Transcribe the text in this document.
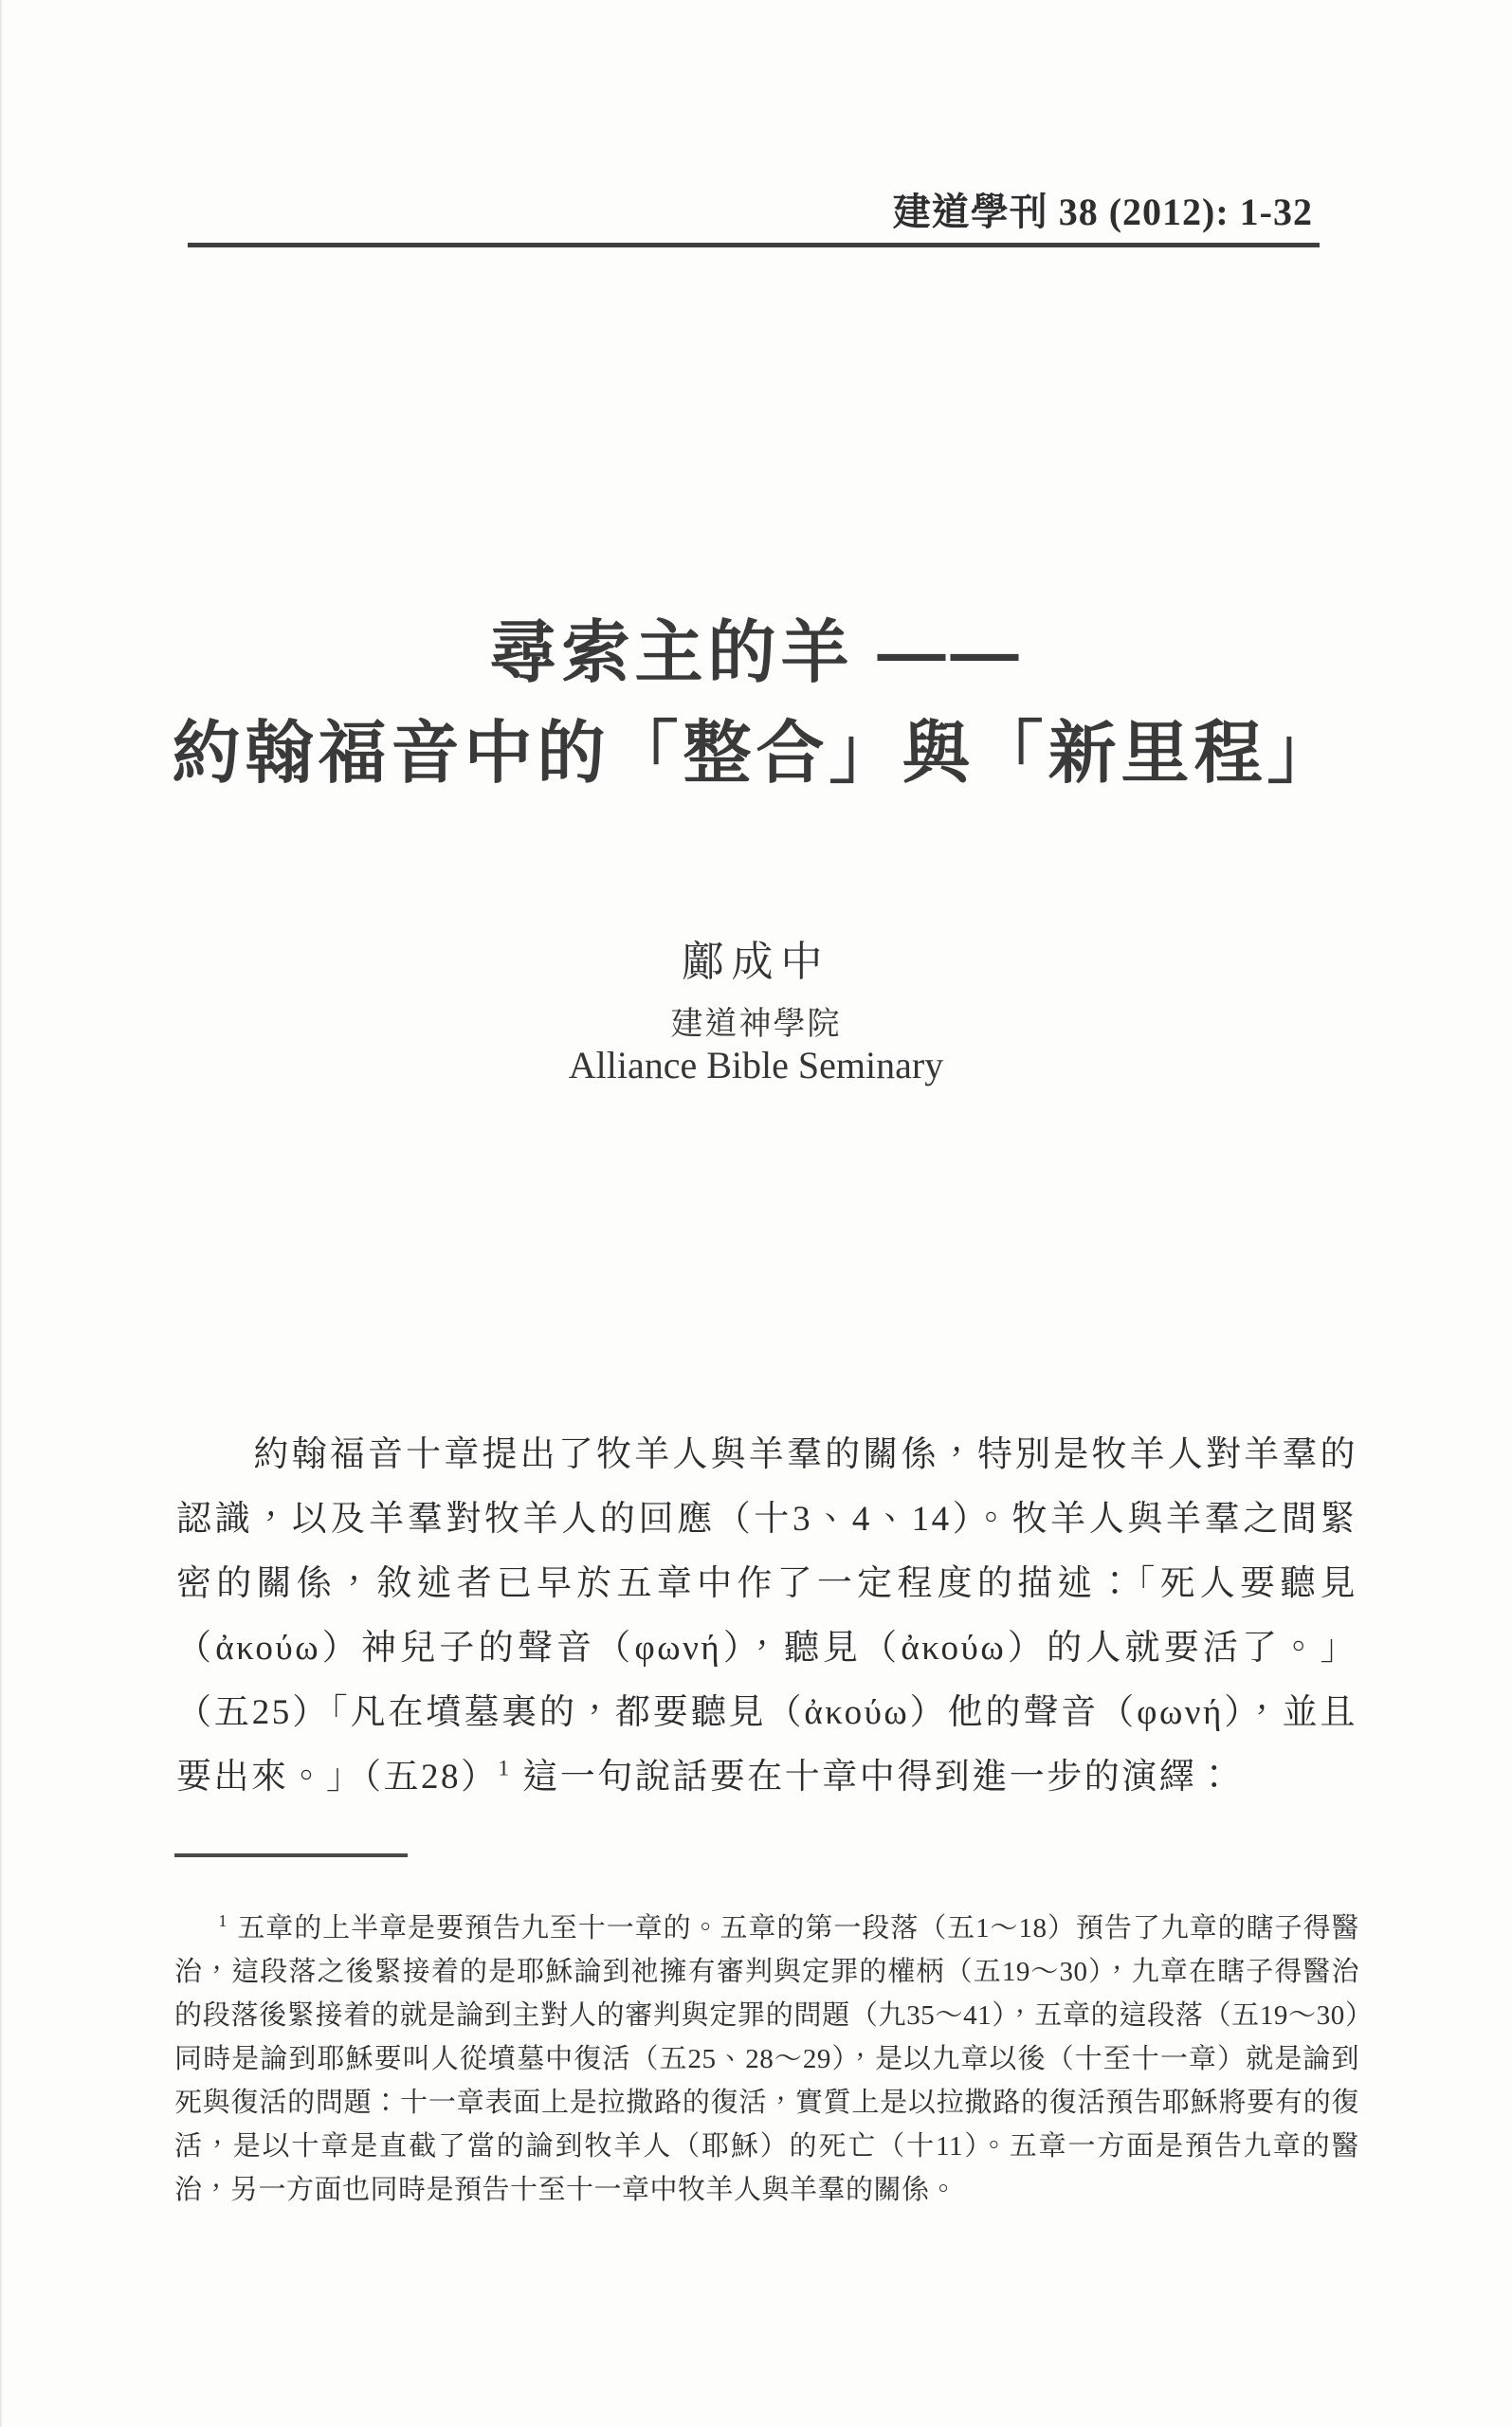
建道學刊 38 (2012): 1-32
尋索主的羊 ——
約翰福音中的「整合」與「新里程」
鄺成中
建道神學院
Alliance Bible Seminary

約翰福音十章提出了牧羊人與羊羣的關係，特別是牧羊人對羊羣的認識，以及羊羣對牧羊人的回應（十3、4、14）。牧羊人與羊羣之間緊密的關係，敘述者已早於五章中作了一定程度的描述：「死人要聽見（ἀκούω）神兒子的聲音（φωνή），聽見（ἀκούω）的人就要活了。」（五25）「凡在墳墓裏的，都要聽見（ἀκούω）他的聲音（φωνή），並且要出來。」（五28）$^1$ 這一句說話要在十章中得到進一步的演繹：

$^1$ 五章的上半章是要預告九至十一章的。五章的第一段落（五1～18）預告了九章的瞎子得醫治，這段落之後緊接着的是耶穌論到祂擁有審判與定罪的權柄（五19～30），九章在瞎子得醫治的段落後緊接着的就是論到主對人的審判與定罪的問題（九35～41），五章的這段落（五19～30）同時是論到耶穌要叫人從墳墓中復活（五25、28～29），是以九章以後（十至十一章）就是論到死與復活的問題：十一章表面上是拉撒路的復活，實質上是以拉撒路的復活預告耶穌將要有的復活，是以十章是直截了當的論到牧羊人（耶穌）的死亡（十11）。五章一方面是預告九章的醫治，另一方面也同時是預告十至十一章中牧羊人與羊羣的關係。
